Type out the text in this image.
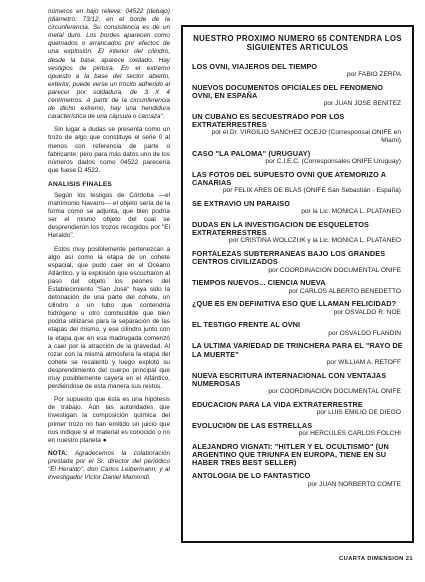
números en bajo relieve: 04522 (debajo) (diámetro: 73/12, en el borde de la circunferencia. Su consistencia es de un metal duro. Los bordes aparecen como quemados o arrancados por efectos de una explosión. El interior del cilindro, desde la base, aparece oxidado. Hay vestigios de pintura. En el extremo opuesto a la base del sector abierto, exterior, puede verse un trocito adherido al parecer por soldadura, de 3 X 4 centímetros. A partir de la circunferencia de dicho extremo, hay una hendidura característica de una cápsula o carcaza".

Sin lugar a dudas se presenta como un trozo de algo que constituye el serie 0 al menos con referencia de parte o fabricante; pero para más datos uno de los números dados como 04522 parecería que fuese D 4522.

ANALISIS FINALES

Según los testigos de Córdoba —el matrimonio Navarro— el objeto sería de la forma como se adjunta, que bien podría ser el mismo objeto del cual se desprendieron los trozos recogidos por "El Heraldo".

Estos muy posiblemente pertenezcan a algo así como la etapa de un cohete espacial, que pudo caer en el Océano Atlántico, y la explosión que escucharon al paso del objeto los peones del Establecimiento "San José" haya sido la detonación de una parte del cohete, un cilindro o un tubo que contendría hidrógeno u otro combustible que bien podría utilizarse para la separación de las etapas del mismo, y ese cilindro junto con la etapa que en esa madrugada comenzó a caer por la atracción de la gravedad. Al rozar con la misma atmósfera la etapa del cohete se recalentó y luego explotó su desprendimiento del cuerpo principal que muy posiblemente cayera en el Atlántico, perdiéndose de esta manera sus restos.

Por supuesto que ésta es una hipótesis de trabajo. Aún las autoridades que investigan la composición química del primer trozo no han emitido un juicio que nos indique si el material es conocido o no en nuestro planeta ●

NOTA: Agradecemos la colaboración prestada por el Sr. director del periódico "El Heraldo", don Carlos Leibermann; y al investigador Víctor Daniel Mamondi.

NUESTRO PROXIMO NUMERO 65 CONTENDRA LOS SIGUIENTES ARTICULOS
LOS OVNI, VIAJEROS DEL TIEMPO
por FABIO ZERPA
NUEVOS DOCUMENTOS OFICIALES DEL FENOMENO OVNI, EN ESPAÑA
por JUAN JOSE BENITEZ
UN CUBANO ES SECUESTRADO POR LOS EXTRATERRESTRES
por el Dr. VIRGILIO SANCHEZ OCEJO (Corresponsal ONIFE en Miami)
CASO "LA PALOMA" (URUGUAY)
por C.I.E.C. (Corresponsales ONIFE Uruguay)
LAS FOTOS DEL SUPUESTO OVNI QUE ATEMORIZO A CANARIAS
por FELIX ARES DE BLAS (ONIFE San Sebastián - España)
SE EXTRAVIO UN PARAISO
por la Lic. MONICA L. PLATANEO
DUDAS EN LA INVESTIGACION DE ESQUELETOS EXTRATERRESTRES
por CRISTINA WOLCZUK y la Lic. MONICA L. PLATANEO
FORTALEZAS SUBTERRANEAS BAJO LOS GRANDES CENTROS CIVILIZADOS
por COORDINACION DOCUMENTAL ONIFE
TIEMPOS NUEVOS... CIENCIA NUEVA
por CARLOS ALBERTO BENEDETTO
¿QUE ES EN DEFINITIVA ESO QUE LLAMAN FELICIDAD?
por OSVALDO R. NOE
EL TESTIGO FRENTE AL OVNI
por OSVALDO FLANDIN
LA ULTIMA VARIEDAD DE TRINCHERA PARA EL "RAYO DE LA MUERTE"
por WILLIAM A. RETOFF
NUEVA ESCRITURA INTERNACIONAL CON VENTAJAS NUMEROSAS
por COORDINACION DOCUMENTAL ONIFE
EDUCACION PARA LA VIDA EXTRATERRESTRE
por LUIS EMILIO DE DIEGO
EVOLUCION DE LAS ESTRELLAS
por HERCULES CARLOS FOLCHI
ALEJANDRO VIGNATI: "HITLER Y EL OCULTISMO" (UN ARGENTINO QUE TRIUNFA EN EUROPA, TIENE EN SU HABER TRES BEST SELLER)
ANTOLOGIA DE LO FANTASTICO
por JUAN NORBERTO COMTE
CUARTA DIMENSION 21
